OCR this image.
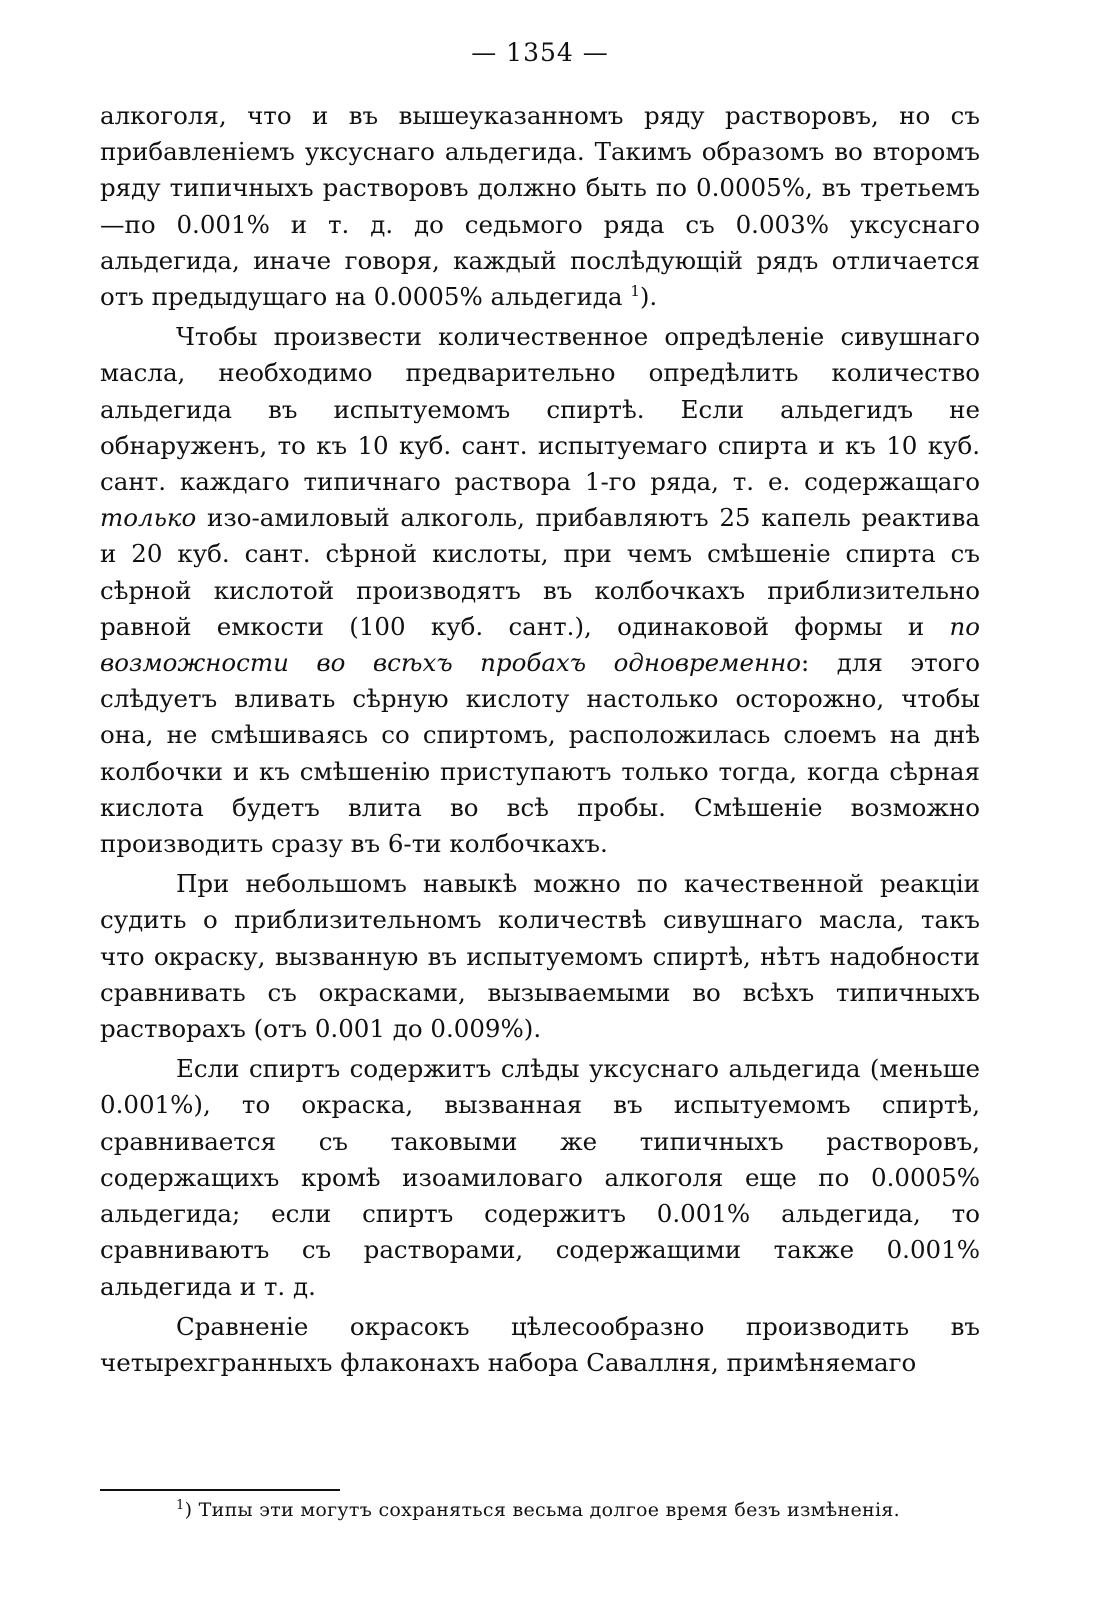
— 1354 —

алкоголя, что и въ вышеуказанномъ ряду растворовъ, но съ прибавленіемъ уксуснаго альдегида. Такимъ образомъ во второмъ ряду типичныхъ растворовъ должно быть по 0.0005%, въ третьемъ—по 0.001% и т. д. до седьмого ряда съ 0.003% уксуснаго альдегида, иначе говоря, каждый послѣдующій рядъ отличается отъ предыдущаго на 0.0005% альдегида $^1$).

Чтобы произвести количественное опредѣленіе сивушнаго масла, необходимо предварительно опредѣлить количество альдегида въ испытуемомъ спиртѣ. Если альдегидъ не обнаруженъ, то къ 10 куб. сант. испытуемаго спирта и къ 10 куб. сант. каждаго типичнаго раствора 1-го ряда, т. е. содержащаго только изо-амиловый алкоголь, прибавляютъ 25 капель реактива и 20 куб. сант. сѣрной кислоты, при чемъ смѣшеніе спирта съ сѣрной кислотой производятъ въ колбочкахъ приблизительно равной емкости (100 куб. сант.), одинаковой формы и по возможности во всѣхъ пробахъ одновременно: для этого слѣдуетъ вливать сѣрную кислоту настолько осторожно, чтобы она, не смѣшиваясь со спиртомъ, расположилась слоемъ на днѣ колбочки и къ смѣшенію приступаютъ только тогда, когда сѣрная кислота будетъ влита во всѣ пробы. Смѣшеніе возможно производить сразу въ 6-ти колбочкахъ.

При небольшомъ навыкѣ можно по качественной реакціи судить о приблизительномъ количествѣ сивушнаго масла, такъ что окраску, вызванную въ испытуемомъ спиртѣ, нѣтъ надобности сравнивать съ окрасками, вызываемыми во всѣхъ типичныхъ растворахъ (отъ 0.001 до 0.009%).

Если спиртъ содержитъ слѣды уксуснаго альдегида (меньше 0.001%), то окраска, вызванная въ испытуемомъ спиртѣ, сравнивается съ таковыми же типичныхъ растворовъ, содержащихъ кромѣ изоамиловаго алкоголя еще по 0.0005% альдегида; если спиртъ содержитъ 0.001% альдегида, то сравниваютъ съ растворами, содержащими также 0.001% альдегида и т. д.

Сравненіе окрасокъ цѣлесообразно производить въ четырехгранныхъ флаконахъ набора Саваллня, примѣняемаго

$^1$) Типы эти могутъ сохраняться весьма долгое время безъ измѣненія.
